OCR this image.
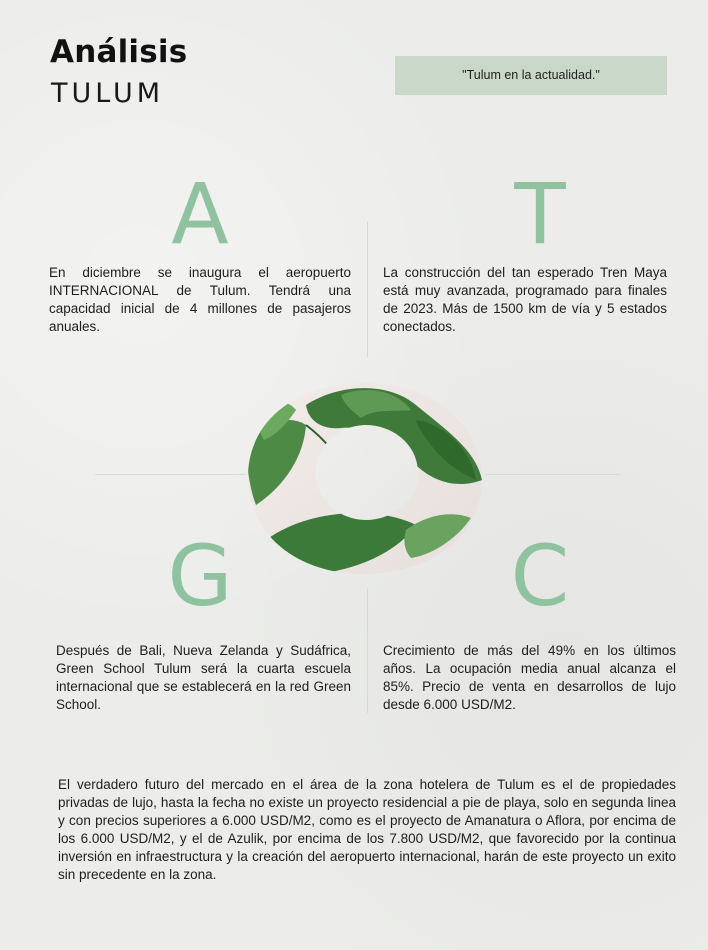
Análisis
TULUM
"Tulum en la actualidad."
A	T
En diciembre se inaugura el aeropuerto INTERNACIONAL de Tulum. Tendrá una capacidad inicial de 4 millones de pasajeros anuales.
La construcción del tan esperado Tren Maya está muy avanzada, programado para finales de 2023. Más de 1500 km de vía y 5 estados conectados.
G	C
Después de Bali, Nueva Zelanda y Sudáfrica, Green School Tulum será la cuarta escuela internacional que se establecerá en la red Green School.
Crecimiento de más del 49% en los últimos años. La ocupación media anual alcanza el 85%. Precio de venta en desarrollos de lujo desde 6.000 USD/M2.
El verdadero futuro del mercado en el área de la zona hotelera de Tulum es el de propiedades privadas de lujo, hasta la fecha no existe un proyecto residencial a pie de playa, solo en segunda linea y con precios superiores a 6.000 USD/M2, como es el proyecto de Amanatura o Aflora, por encima de los 6.000 USD/M2, y el de Azulik, por encima de los 7.800 USD/M2, que favorecido por la continua inversión en infraestructura y la creación del aeropuerto internacional, harán de este proyecto un exito sin precedente en la zona.
